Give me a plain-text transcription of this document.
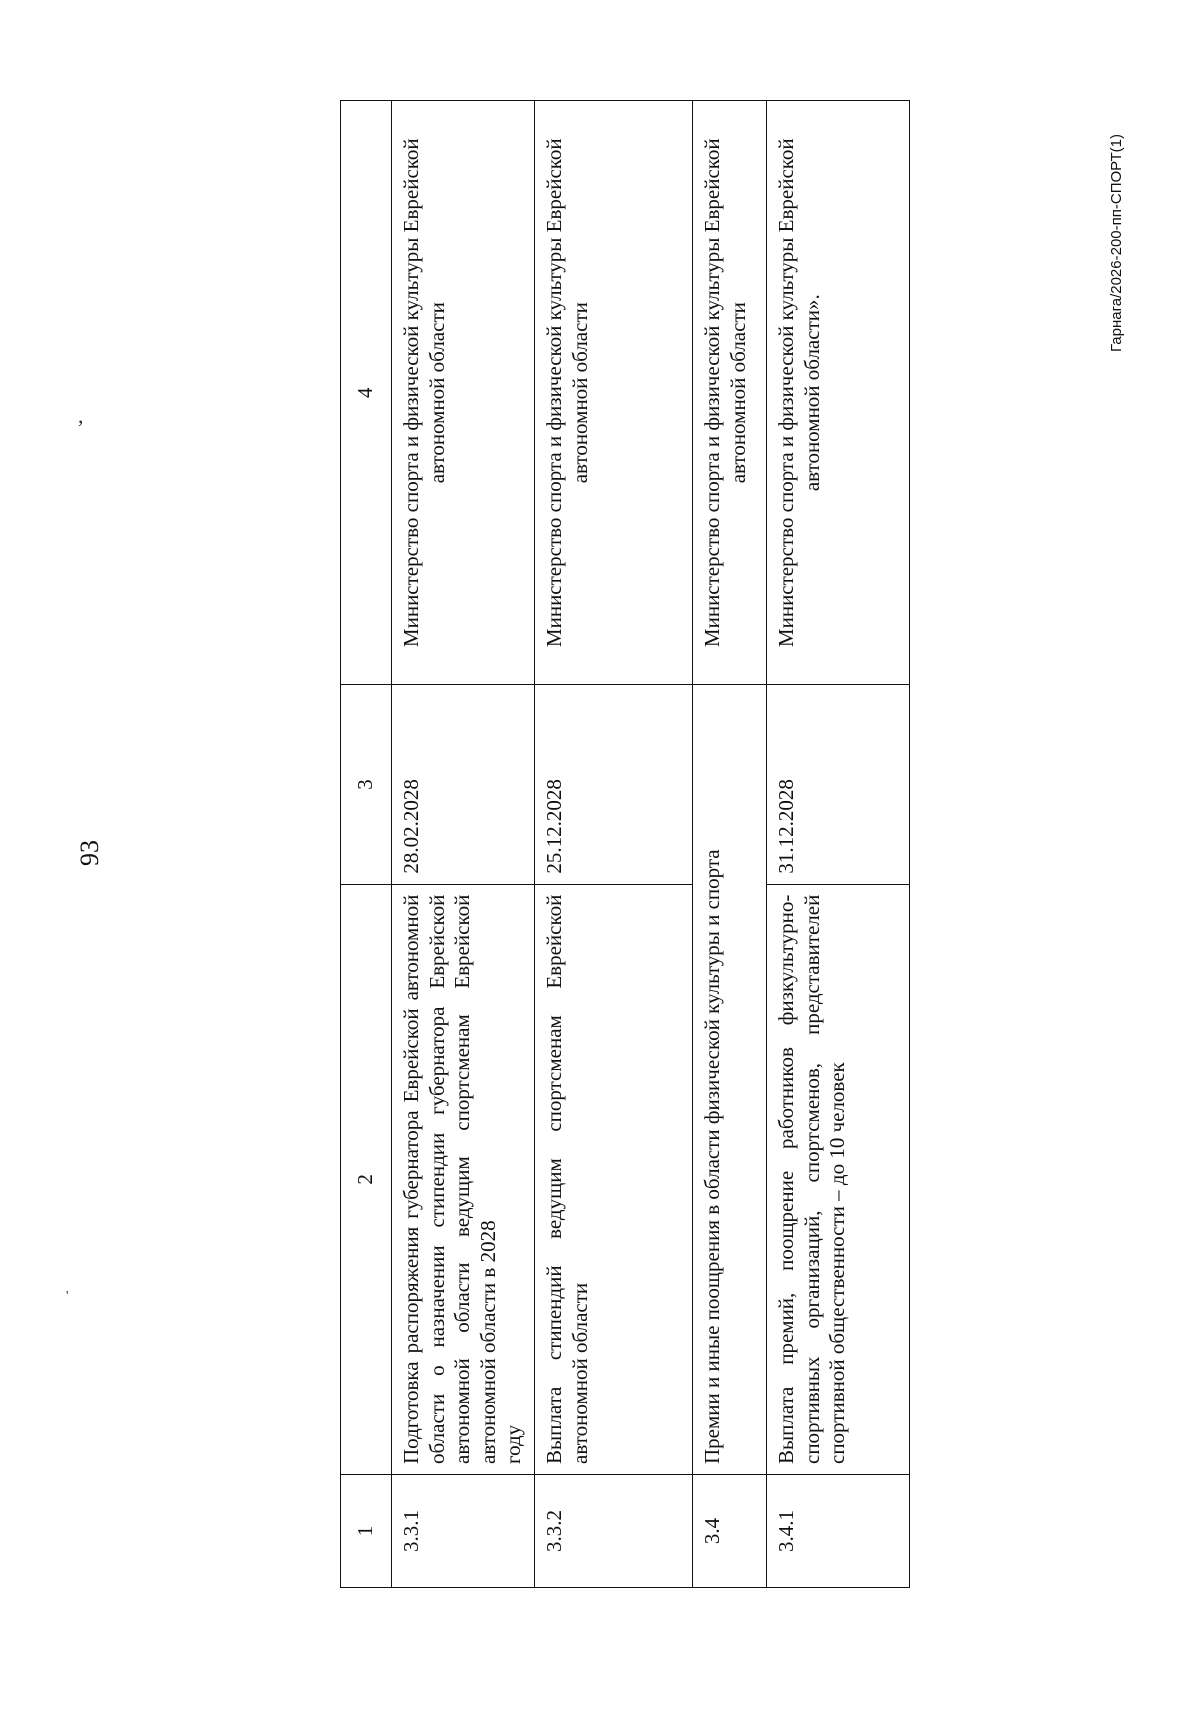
,
'
93
Гарнага/2026-200-пп-СПОРТ(1)
1	2	3	4
3.3.1	Подготовка распоряжения губернатора Еврейской автономной области о назначении стипендии губернатора Еврейской автономной области ведущим спортсменам Еврейской автономной области в 2028 году	28.02.2028	Министерство спорта и физической культуры Еврейской автономной области
3.3.2	Выплата стипендий ведущим спортсменам Еврейской автономной области	25.12.2028	Министерство спорта и физической культуры Еврейской автономной области
3.4	Премии и иные поощрения в области физической культуры и спорта		Министерство спорта и физической культуры Еврейской автономной области
3.4.1	Выплата премий, поощрение работников физкультурно-спортивных организаций, спортсменов, представителей спортивной общественности – до 10 человек	31.12.2028	Министерство спорта и физической культуры Еврейской автономной области».
